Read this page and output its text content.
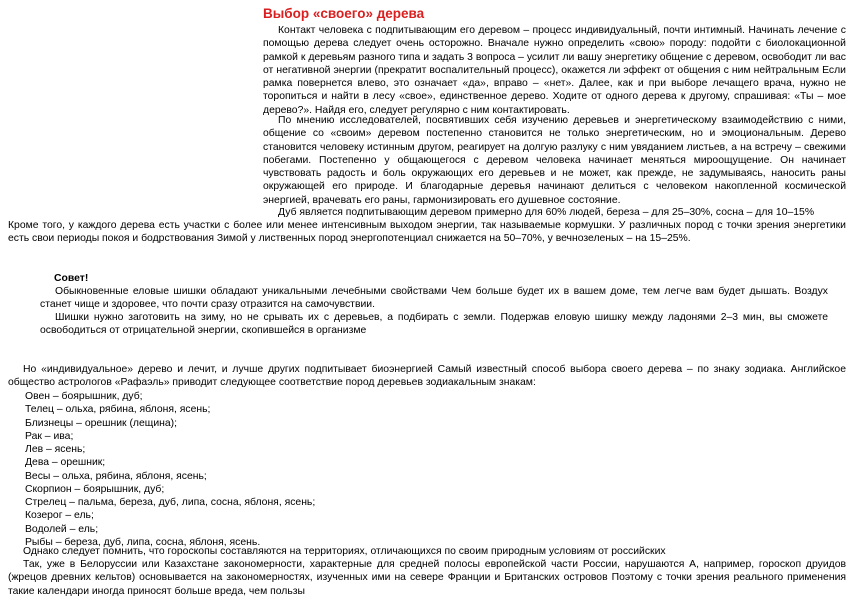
Выбор «своего» дерева

Контакт человека с подпитывающим его деревом – процесс индивидуальный, почти интимный. Начинать лечение с помощью дерева следует очень осторожно. Вначале нужно определить «свою» породу: подойти с биолокационной рамкой к деревьям разного типа и задать 3 вопроса – усилит ли вашу энергетику общение с деревом, освободит ли вас от негативной энергии (прекратит воспалительный процесс), окажется ли эффект от общения с ним нейтральным Если рамка повернется влево, это означает «да», вправо – «нет». Далее, как и при выборе лечащего врача, нужно не торопиться и найти в лесу «свое», единственное дерево. Ходите от одного дерева к другому, спрашивая: «Ты – мое дерево?». Найдя его, следует регулярно с ним контактировать.

По мнению исследователей, посвятивших себя изучению деревьев и энергетическому взаимодействию с ними, общение со «своим» деревом постепенно становится не только энергетическим, но и эмоциональным. Дерево становится человеку истинным другом, реагирует на долгую разлуку с ним увяданием листьев, а на встречу – свежими побегами. Постепенно у общающегося с деревом человека начинает меняться мироощущение. Он начинает чувствовать радость и боль окружающих его деревьев и не может, как прежде, не задумываясь, наносить раны окружающей его природе. И благодарные деревья начинают делиться с человеком накопленной космической энергией, врачевать его раны, гармонизировать его душевное состояние.

Дуб является подпитывающим деревом примерно для 60% людей, береза – для 25–30%, сосна – для 10–15%

Кроме того, у каждого дерева есть участки с более или менее интенсивным выходом энергии, так называемые кормушки. У различных пород с точки зрения энергетики есть свои периоды покоя и бодрствования Зимой у лиственных пород энергопотенциал снижается на 50–70%, у вечнозеленых – на 15–25%.

Совет!

Обыкновенные еловые шишки обладают уникальными лечебными свойствами Чем больше будет их в вашем доме, тем легче вам будет дышать. Воздух станет чище и здоровее, что почти сразу отразится на самочувствии.

Шишки нужно заготовить на зиму, но не срывать их с деревьев, а подбирать с земли. Подержав еловую шишку между ладонями 2–3 мин, вы сможете освободиться от отрицательной энергии, скопившейся в организме

Но «индивидуальное» дерево и лечит, и лучше других подпитывает биоэнергией Самый известный способ выбора своего дерева – по знаку зодиака. Английское общество астрологов «Рафаэль» приводит следующее соответствие пород деревьев зодиакальным знакам:

Овен – боярышник, дуб;
Телец – ольха, рябина, яблоня, ясень;
Близнецы – орешник (лещина);
Рак – ива;
Лев – ясень;
Дева – орешник;
Весы – ольха, рябина, яблоня, ясень;
Скорпион – боярышник, дуб;
Стрелец – пальма, береза, дуб, липа, сосна, яблоня, ясень;
Козерог – ель;
Водолей – ель;
Рыбы – береза, дуб, липа, сосна, яблоня, ясень.

Однако следует помнить, что гороскопы составляются на территориях, отличающихся по своим природным условиям от российских

Так, уже в Белоруссии или Казахстане закономерности, характерные для средней полосы европейской части России, нарушаются А, например, гороскоп друидов (жрецов древних кельтов) основывается на закономерностях, изученных ими на севере Франции и Британских островов Поэтому с точки зрения реального применения такие календари иногда приносят больше вреда, чем пользы
